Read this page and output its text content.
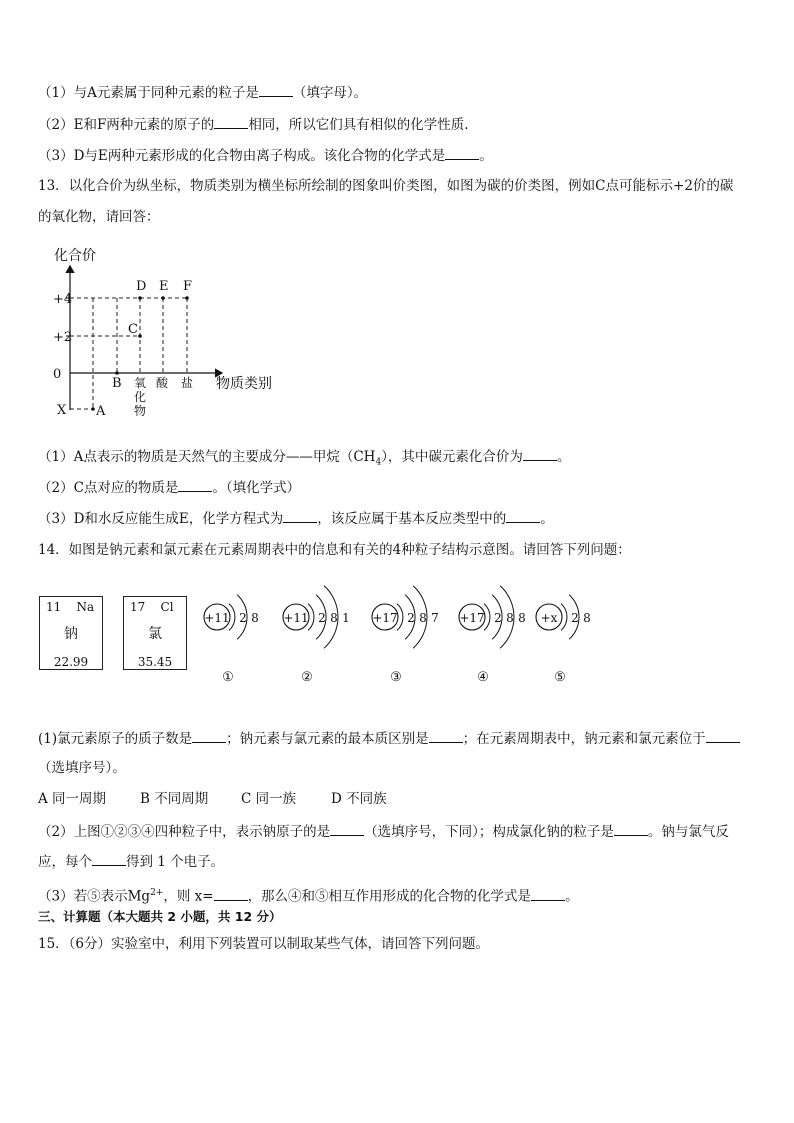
（1）与A元素属于同种元素的粒子是	（填字母）。
（2）E和F两种元素的原子的	相同，所以它们具有相似的化学性质.
（3）D与E两种元素形成的化合物由离子构成。该化合物的化学式是	。
13．以化合价为纵坐标，物质类别为横坐标所绘制的图象叫价类图，如图为碳的价类图，例如C点可能标示+2价的碳
的氧化物，请回答：
化合价
物质类别
+4
+2
0
X A
B
C
D E F
酸 盐
氧
化
物
（1）A点表示的物质是天然气的主要成分——甲烷$(CH_4)$，其中碳元素化合价为	。
（2）C点对应的物质是	。（填化学式）
（3）D和水反应能生成E，化学方程式为	，该反应属于基本反应类型中的	。
14．如图是钠元素和氯元素在元素周期表中的信息和有关的4种粒子结构示意图。请回答下列问题：
11 Na
钠
22.99
17 Cl
氯
35.45
+11 2 8
①
+11 2 8 1
②
+17 2 8 7
③
+17 2 8 8
④
+x 2 8
⑤
(1)氯元素原子的质子数是	；钠元素与氯元素的最本质区别是	；在元素周期表中，钠元素和氯元素位于
（选填序号）。
A 同一周期	B 不同周期 C 同一族	D 不同族
（2）上图①②③④四种粒子中，表示钠原子的是	（选填序号，下同）；构成氯化钠的粒子是	。钠与氯气反
应，每个	得到 1 个电子。
（3）若⑤表示$Mg^{2+}$，则 x=	，那么④和⑤相互作用形成的化合物的化学式是	。
三、计算题（本大题共 2 小题，共 12 分）
15．（6分）实验室中，利用下列装置可以制取某些气体，请回答下列问题。
